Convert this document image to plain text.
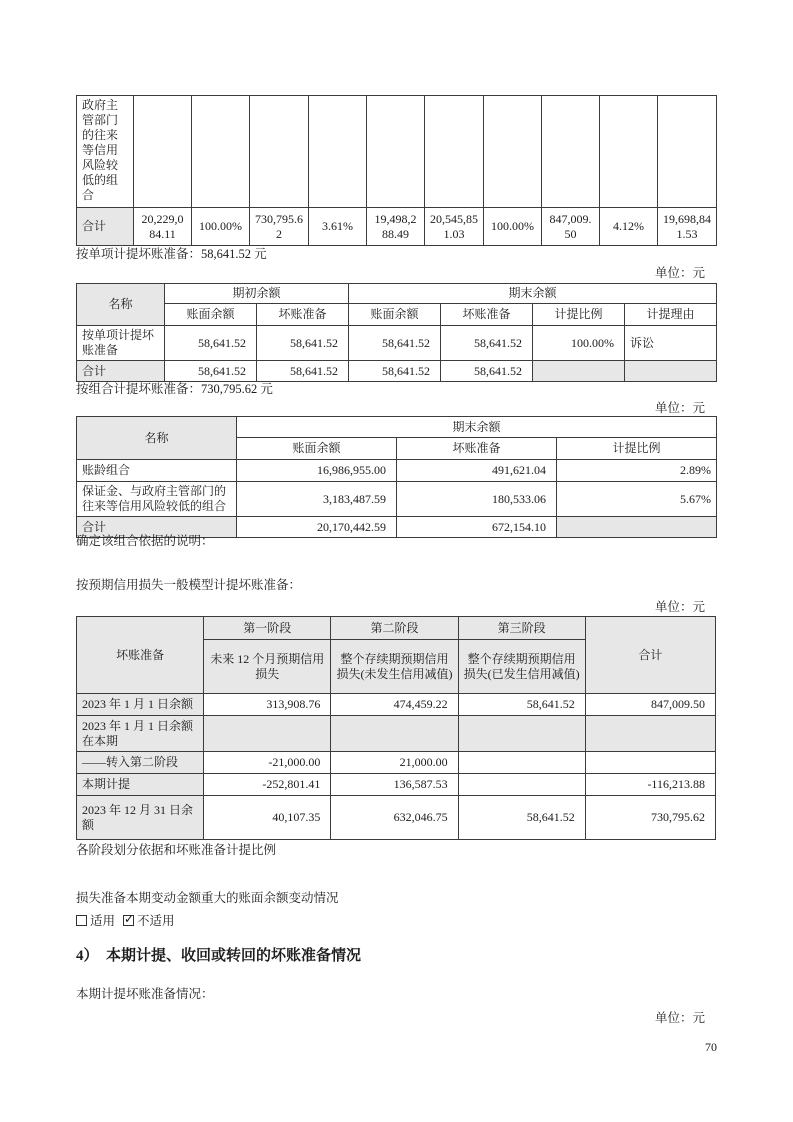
政府主管部门的往来等信用风险较低的组合										
合计	20,229,084.11	100.00%	730,795.62	3.61%	19,498,288.49	20,545,851.03	100.00%	847,009.50	4.12%	19,698,841.53
按单项计提坏账准备：58,641.52 元
单位：元
名称	期初余额		期末余额			
	账面余额	坏账准备	账面余额	坏账准备	计提比例	计提理由
按单项计提坏账准备	58,641.52	58,641.52	58,641.52	58,641.52	100.00%	诉讼
合计	58,641.52	58,641.52	58,641.52	58,641.52		
按组合计提坏账准备：730,795.62 元
单位：元
名称	期末余额		
	账面余额	坏账准备	计提比例
账龄组合	16,986,955.00	491,621.04	2.89%
保证金、与政府主管部门的往来等信用风险较低的组合	3,183,487.59	180,533.06	5.67%
合计	20,170,442.59	672,154.10	
确定该组合依据的说明：
按预期信用损失一般模型计提坏账准备：
单位：元
坏账准备	第一阶段	第二阶段	第三阶段	合计
	未来 12 个月预期信用损失	整个存续期预期信用损失(未发生信用减值)	整个存续期预期信用损失(已发生信用减值)	
2023 年 1 月 1 日余额	313,908.76	474,459.22	58,641.52	847,009.50
2023 年 1 月 1 日余额在本期				
——转入第二阶段	-21,000.00	21,000.00		
本期计提	-252,801.41	136,587.53		-116,213.88
2023 年 12 月 31 日余额	40,107.35	632,046.75	58,641.52	730,795.62
各阶段划分依据和坏账准备计提比例
损失准备本期变动金额重大的账面余额变动情况
适用 ✓ 不适用
4） 本期计提、收回或转回的坏账准备情况
本期计提坏账准备情况：
单位：元
70
